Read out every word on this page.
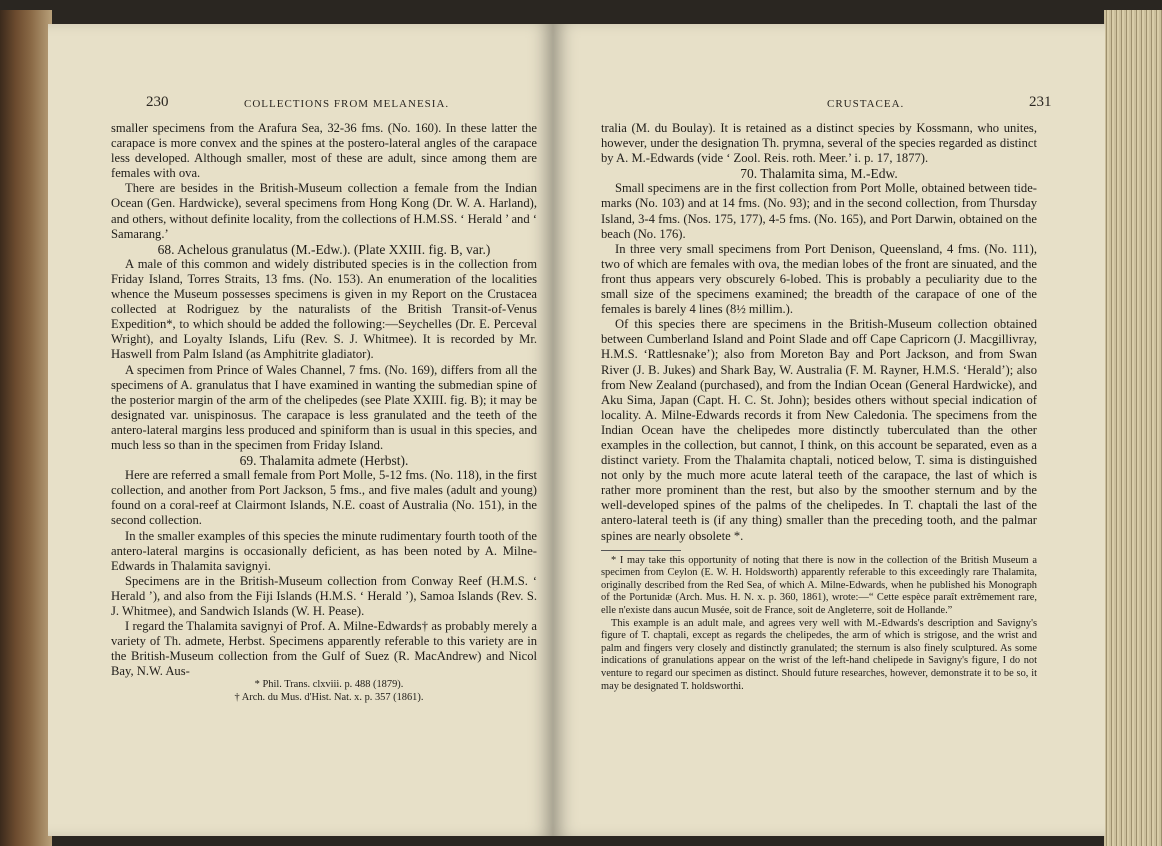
230	COLLECTIONS FROM MELANESIA.

smaller specimens from the Arafura Sea, 32-36 fms. (No. 160). In these latter the carapace is more convex and the spines at the postero-lateral angles of the carapace less developed. Although smaller, most of these are adult, since among them are females with ova.

There are besides in the British-Museum collection a female from the Indian Ocean (Gen. Hardwicke), several specimens from Hong Kong (Dr. W. A. Harland), and others, without definite locality, from the collections of H.M.SS. ‘ Herald ’ and ‘ Samarang.’

68. Achelous granulatus (M.-Edw.). (Plate XXIII. fig. B, var.)

A male of this common and widely distributed species is in the collection from Friday Island, Torres Straits, 13 fms. (No. 153). An enumeration of the localities whence the Museum possesses specimens is given in my Report on the Crustacea collected at Rodriguez by the naturalists of the British Transit-of-Venus Expedition*, to which should be added the following:—Seychelles (Dr. E. Perceval Wright), and Loyalty Islands, Lifu (Rev. S. J. Whitmee). It is recorded by Mr. Haswell from Palm Island (as Amphitrite gladiator).

A specimen from Prince of Wales Channel, 7 fms. (No. 169), differs from all the specimens of A. granulatus that I have examined in wanting the submedian spine of the posterior margin of the arm of the chelipedes (see Plate XXIII. fig. B); it may be designated var. unispinosus. The carapace is less granulated and the teeth of the antero-lateral margins less produced and spiniform than is usual in this species, and much less so than in the specimen from Friday Island.

69. Thalamita admete (Herbst).

Here are referred a small female from Port Molle, 5-12 fms. (No. 118), in the first collection, and another from Port Jackson, 5 fms., and five males (adult and young) found on a coral-reef at Clairmont Islands, N.E. coast of Australia (No. 151), in the second collection.

In the smaller examples of this species the minute rudimentary fourth tooth of the antero-lateral margins is occasionally deficient, as has been noted by A. Milne-Edwards in Thalamita savignyi.

Specimens are in the British-Museum collection from Conway Reef (H.M.S. ‘ Herald ’), and also from the Fiji Islands (H.M.S. ‘ Herald ’), Samoa Islands (Rev. S. J. Whitmee), and Sandwich Islands (W. H. Pease).

I regard the Thalamita savignyi of Prof. A. Milne-Edwards† as probably merely a variety of Th. admete, Herbst. Specimens apparently referable to this variety are in the British-Museum collection from the Gulf of Suez (R. MacAndrew) and Nicol Bay, N.W. Aus-

* Phil. Trans. clxviii. p. 488 (1879).

† Arch. du Mus. d'Hist. Nat. x. p. 357 (1861).

CRUSTACEA.	231

tralia (M. du Boulay). It is retained as a distinct species by Kossmann, who unites, however, under the designation Th. prymna, several of the species regarded as distinct by A. M.-Edwards (vide ‘ Zool. Reis. roth. Meer.’ i. p. 17, 1877).

70. Thalamita sima, M.-Edw.

Small specimens are in the first collection from Port Molle, obtained between tide-marks (No. 103) and at 14 fms. (No. 93); and in the second collection, from Thursday Island, 3-4 fms. (Nos. 175, 177), 4-5 fms. (No. 165), and Port Darwin, obtained on the beach (No. 176).

In three very small specimens from Port Denison, Queensland, 4 fms. (No. 111), two of which are females with ova, the median lobes of the front are sinuated, and the front thus appears very obscurely 6-lobed. This is probably a peculiarity due to the small size of the specimens examined; the breadth of the carapace of one of the females is barely 4 lines (8½ millim.).

Of this species there are specimens in the British-Museum collection obtained between Cumberland Island and Point Slade and off Cape Capricorn (J. Macgillivray, H.M.S. ‘Rattlesnake’); also from Moreton Bay and Port Jackson, and from Swan River (J. B. Jukes) and Shark Bay, W. Australia (F. M. Rayner, H.M.S. ‘Herald’); also from New Zealand (purchased), and from the Indian Ocean (General Hardwicke), and Aku Sima, Japan (Capt. H. C. St. John); besides others without special indication of locality. A. Milne-Edwards records it from New Caledonia. The specimens from the Indian Ocean have the chelipedes more distinctly tuberculated than the other examples in the collection, but cannot, I think, on this account be separated, even as a distinct variety. From the Thalamita chaptali, noticed below, T. sima is distinguished not only by the much more acute lateral teeth of the carapace, the last of which is rather more prominent than the rest, but also by the smoother sternum and by the well-developed spines of the palms of the chelipedes. In T. chaptali the last of the antero-lateral teeth is (if any thing) smaller than the preceding tooth, and the palmar spines are nearly obsolete *.

* I may take this opportunity of noting that there is now in the collection of the British Museum a specimen from Ceylon (E. W. H. Holdsworth) apparently referable to this exceedingly rare Thalamita, originally described from the Red Sea, of which A. Milne-Edwards, when he published his Monograph of the Portunidæ (Arch. Mus. H. N. x. p. 360, 1861), wrote:—“ Cette espèce paraît extrêmement rare, elle n'existe dans aucun Musée, soit de France, soit de Angleterre, soit de Hollande.”

This example is an adult male, and agrees very well with M.-Edwards's description and Savigny's figure of T. chaptali, except as regards the chelipedes, the arm of which is strigose, and the wrist and palm and fingers very closely and distinctly granulated; the sternum is also finely sculptured. As some indications of granulations appear on the wrist of the left-hand chelipede in Savigny's figure, I do not venture to regard our specimen as distinct. Should future researches, however, demonstrate it to be so, it may be designated T. holdsworthi.
